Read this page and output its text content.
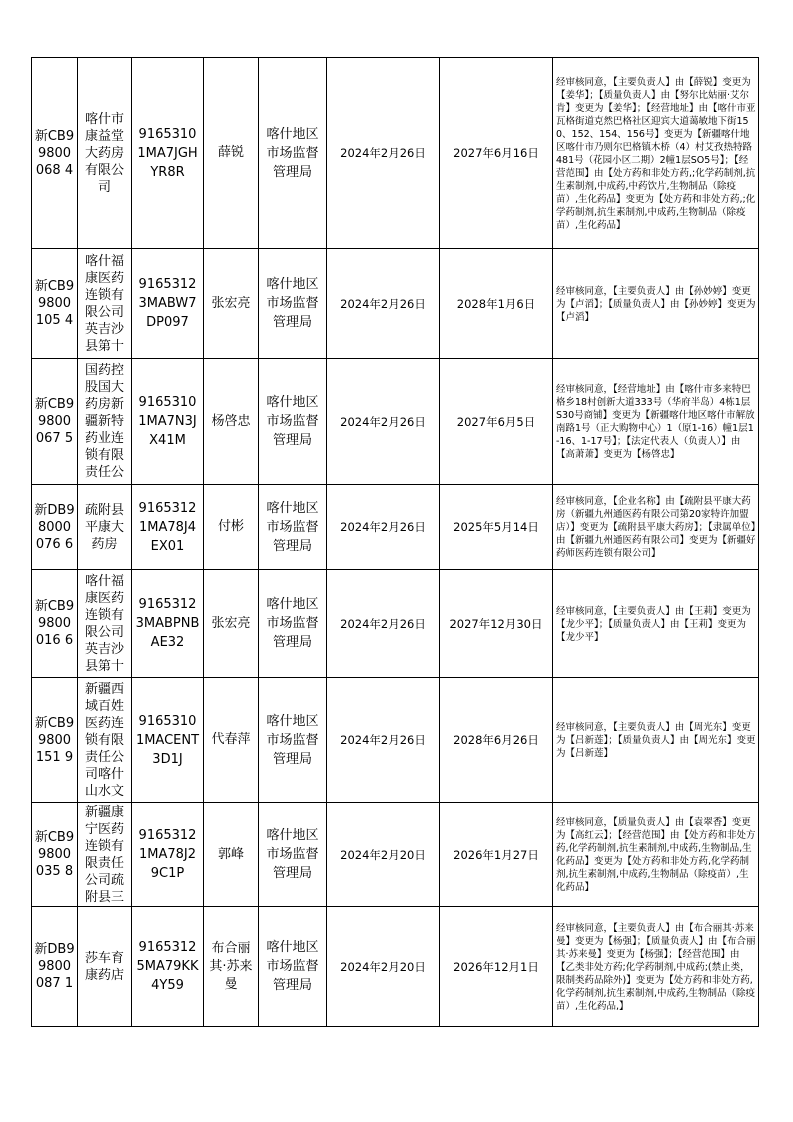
新CB99800068 4	喀什市康益堂大药房有限公司	91653101MA7JGHYR8R	薛锐	喀什地区市场监督管理局	2024年2月26日	2027年6月16日	经审核同意，【主要负责人】由【薛锐】变更为【姜华】；【质量负责人】由【努尔比姑丽·艾尔肯】变更为【姜华】；【经营地址】由【喀什市亚瓦格街道克然巴格社区迎宾大道蔼敏地下街150、152、154、156号】变更为【新疆喀什地区喀什市乃则尔巴格镇木桥（4）村艾孜热特路481号（花园小区二期）2幢1层SO5号】；【经营范围】由【处方药和非处方药,;化学药制剂,抗生素制剂,中成药,中药饮片,生物制品（除疫苗）,生化药品】变更为【处方药和非处方药,;化学药制剂,抗生素制剂,中成药,生物制品（除疫苗）,生化药品】

新CB99800105 4	喀什福康医药连锁有限公司英吉沙县第十	91653123MABW7DP097	张宏亮	喀什地区市场监督管理局	2024年2月26日	2028年1月6日	经审核同意，【主要负责人】由【孙妙婷】变更为【卢滔】；【质量负责人】由【孙妙婷】变更为【卢滔】

新CB99800067 5	国药控股国大药房新疆新特药业连锁有限责任公	91653101MA7N3JX41M	杨啓忠	喀什地区市场监督管理局	2024年2月26日	2027年6月5日	经审核同意，【经营地址】由【喀什市多来特巴格乡18村创新大道333号（华府半岛）4栋1层S30号商铺】变更为【新疆喀什地区喀什市解放南路1号（正大购物中心）1（原1-16）幢1层1-16、1-17号】；【法定代表人（负责人）】由【高萧萧】变更为【杨啓忠】

新DB98000076 6	疏附县平康大药房	91653121MA78J4EX01	付彬	喀什地区市场监督管理局	2024年2月26日	2025年5月14日	经审核同意，【企业名称】由【疏附县平康大药房（新疆九州通医药有限公司第20家特许加盟店）】变更为【疏附县平康大药房】；【隶属单位】由【新疆九州通医药有限公司】变更为【新疆好药师医药连锁有限公司】

新CB99800016 6	喀什福康医药连锁有限公司英吉沙县第十	91653123MABPNBAE32	张宏亮	喀什地区市场监督管理局	2024年2月26日	2027年12月30日	经审核同意，【主要负责人】由【王莉】变更为【龙少平】；【质量负责人】由【王莉】变更为【龙少平】

新CB99800151 9	新疆西域百姓医药连锁有限责任公司喀什山水文	91653101MACENT3D1J	代春萍	喀什地区市场监督管理局	2024年2月26日	2028年6月26日	经审核同意，【主要负责人】由【周光东】变更为【吕新莲】；【质量负责人】由【周光东】变更为【吕新莲】

新CB99800035 8	新疆康宁医药连锁有限责任公司疏附县三	91653121MA78J29C1P	郭峰	喀什地区市场监督管理局	2024年2月20日	2026年1月27日	经审核同意，【质量负责人】由【袁翠香】变更为【高红云】；【经营范围】由【处方药和非处方药,化学药制剂,抗生素制剂,中成药,生物制品,生化药品】变更为【处方药和非处方药,化学药制剂,抗生素制剂,中成药,生物制品（除疫苗）,生化药品】

新DB99800087 1	莎车育康药店	91653125MA79KK4Y59	布合丽其·苏来曼	喀什地区市场监督管理局	2024年2月20日	2026年12月1日	经审核同意，【主要负责人】由【布合丽其·苏来曼】变更为【杨强】；【质量负责人】由【布合丽其·苏来曼】变更为【杨强】；【经营范围】由【乙类非处方药;化学药制剂,中成药;(禁止类，限制类药品除外)】变更为【处方药和非处方药,化学药制剂,抗生素制剂,中成药,生物制品（除疫苗）,生化药品,】
